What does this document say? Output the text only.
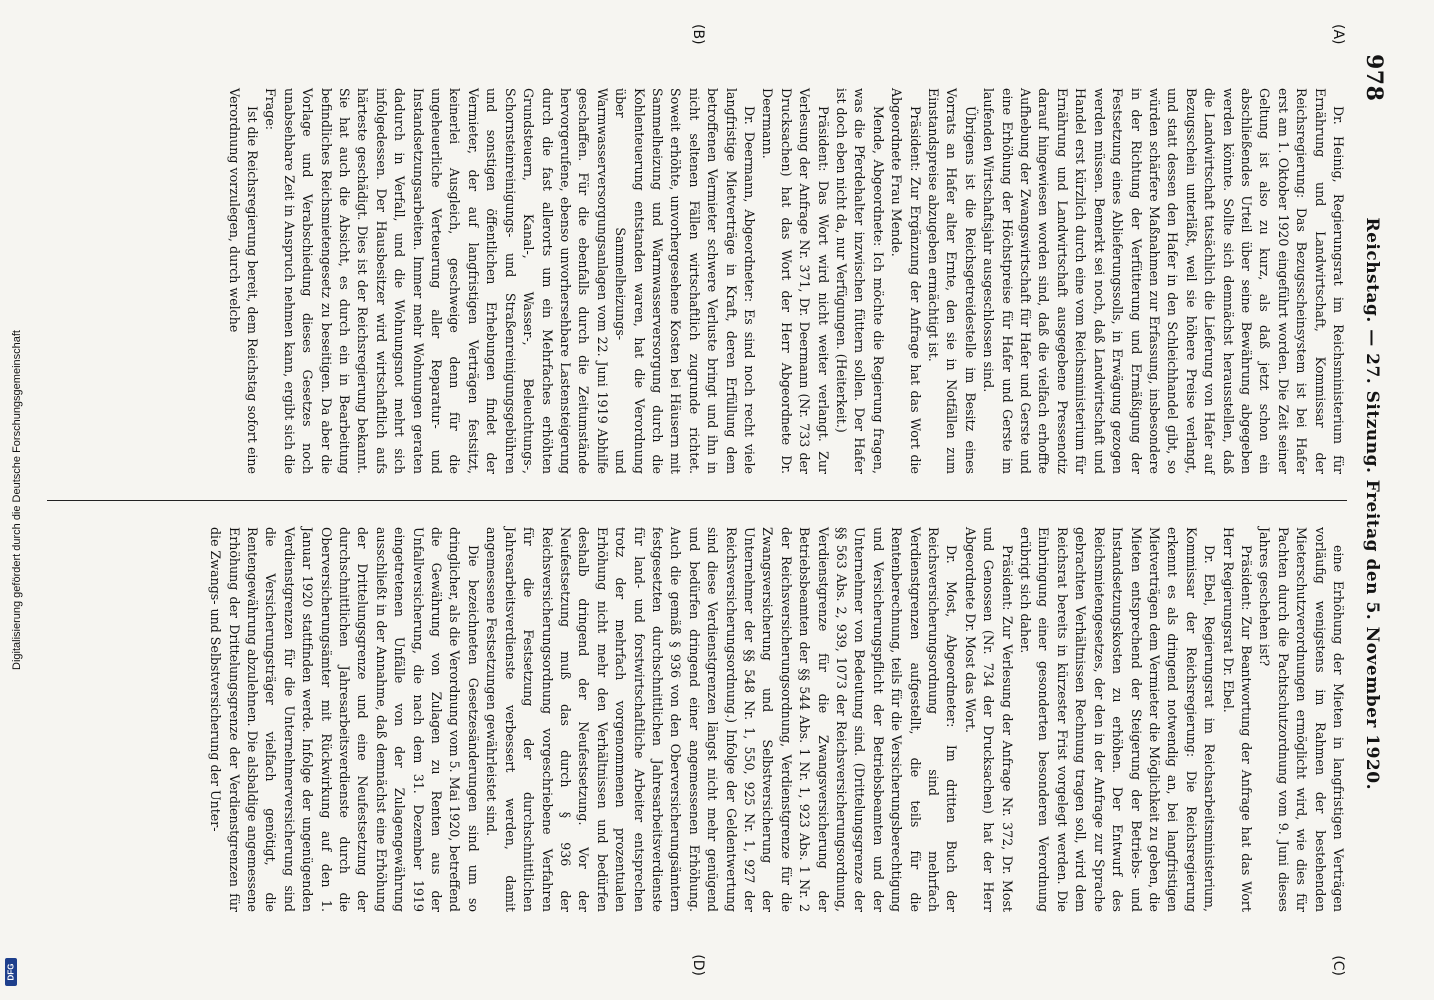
978
Reichstag. — 27. Sitzung. Freitag den 5. November 1920.
(A)
(B)

Dr. Heinig, Regierungsrat im Reichsministerium für Ernährung und Landwirtschaft, Kommissar der Reichsregierung: Das Bezugsscheinsystem ist bei Hafer erst am 1. Oktober 1920 eingeführt worden. Die Zeit seiner Geltung ist also zu kurz, als daß jetzt schon ein abschließendes Urteil über seine Bewährung abgegeben werden könnte. Sollte sich demnächst herausstellen, daß die Landwirtschaft tatsächlich die Lieferung von Hafer auf Bezugsschein unterläßt, weil sie höhere Preise verlangt, und statt dessen den Hafer in den Schleichhandel gibt, so würden schärfere Maßnahmen zur Erfassung, insbesondere in der Richtung der Verfütterung und Ermäßigung der Festsetzung eines Ablieferungssolls, in Erwägung gezogen werden müssen. Bemerkt sei noch, daß Landwirtschaft und Handel erst kürzlich durch eine vom Reichsministerium für Ernährung und Landwirtschaft ausgegebene Pressenotiz darauf hingewiesen worden sind, daß die vielfach erhoffte Aufhebung der Zwangswirtschaft für Hafer und Gerste und eine Erhöhung der Höchstpreise für Hafer und Gerste im laufenden Wirtschaftsjahr ausgeschlossen sind.

Übrigens ist die Reichsgetreidestelle im Besitz eines Vorrats an Hafer alter Ernte, den sie in Notfällen zum Einstandspreise abzugeben ermächtigt ist.

Präsident: Zur Ergänzung der Anfrage hat das Wort die Abgeordnete Frau Mende.

Mende, Abgeordnete: Ich möchte die Regierung fragen, was die Pferdehalter inzwischen füttern sollen. Der Hafer ist doch eben nicht da, nur Verfügungen. (Heiterkeit.)

Präsident: Das Wort wird nicht weiter verlangt. Zur Verlesung der Anfrage Nr. 371, Dr. Deermann (Nr. 733 der Drucksachen) hat das Wort der Herr Abgeordnete Dr. Deermann.

Dr. Deermann, Abgeordneter: Es sind noch recht viele langfristige Mietverträge in Kraft, deren Erfüllung dem betroffenen Vermieter schwere Verluste bringt und ihn in nicht seltenen Fällen wirtschaftlich zugrunde richtet. Soweit erhöhte, unvorhergesehene Kosten bei Häusern mit Sammelheizung und Warmwasserversorgung durch die Kohlenteuerung entstanden waren, hat die Verordnung über Sammelheizungs- und Warmwasserversorgungsanlagen vom 22. Juni 1919 Abhilfe geschaffen. Für die ebenfalls durch die Zeitumstände hervorgerufene, ebenso unvorhersehbare Lastensteigerung durch die fast allerorts um ein Mehrfaches erhöhten Grundsteuern, Kanal-, Wasser-, Beleuchtungs-, Schornsteinreinigungs- und Straßenreinigungsgebühren und sonstigen öffentlichen Erhebungen findet der Vermieter, der auf langfristigen Verträgen festsitzt, keinerlei Ausgleich, geschweige denn für die ungeheuerliche Verteuerung aller Reparatur- und Instandsetzungsarbeiten. Immer mehr Wohnungen geraten dadurch in Verfall, und die Wohnungsnot mehrt sich infolgedessen. Der Hausbesitzer wird wirtschaftlich aufs härteste geschädigt. Dies ist der Reichsregierung bekannt. Sie hat auch die Absicht, es durch ein in Bearbeitung befindliches Reichsmietengesetz zu beseitigen. Da aber die Vorlage und Verabschiedung dieses Gesetzes noch unabsehbare Zeit in Anspruch nehmen kann, ergibt sich die Frage:

Ist die Reichsregierung bereit, dem Reichstag sofort eine Verordnung vorzulegen, durch welche

(C)
(D)

eine Erhöhung der Mieten in langfristigen Verträgen vorläufig wenigstens im Rahmen der bestehenden Mieterschutzverordnungen ermöglicht wird, wie dies für Pachten durch die Pachtschutzordnung vom 9. Juni dieses Jahres geschehen ist?

Präsident: Zur Beantwortung der Anfrage hat das Wort Herr Regierungsrat Dr. Ebel.

Dr. Ebel, Regierungsrat im Reichsarbeitsministerium, Kommissar der Reichsregierung: Die Reichsregierung erkennt es als dringend notwendig an, bei langfristigen Mietverträgen dem Vermieter die Möglichkeit zu geben, die Mieten entsprechend der Steigerung der Betriebs- und Instandsetzungskosten zu erhöhen. Der Entwurf des Reichsmietengesetzes, der den in der Anfrage zur Sprache gebrachten Verhältnissen Rechnung tragen soll, wird dem Reichsrat bereits in kürzester Frist vorgelegt werden. Die Einbringung einer gesonderten besonderen Verordnung erübrigt sich daher.

Präsident: Zur Verlesung der Anfrage Nr. 372, Dr. Most und Genossen (Nr. 734 der Drucksachen) hat der Herr Abgeordnete Dr. Most das Wort.

Dr. Most, Abgeordneter: Im dritten Buch der Reichsversicherungsordnung sind mehrfach Verdienstgrenzen aufgestellt, die teils für die Rentenberechnung, teils für die Versicherungsberechtigung und Versicherungspflicht der Betriebsbeamten und der Unternehmer von Bedeutung sind. (Drittelungsgrenze der §§ 563 Abs. 2, 939, 1073 der Reichsversicherungsordnung, Verdienstgrenze für die Zwangsversicherung der Betriebsbeamten der §§ 544 Abs. 1 Nr. 1, 923 Abs. 1 Nr. 2 der Reichsversicherungsordnung, Verdienstgrenze für die Zwangsversicherung und Selbstversicherung der Unternehmer der §§ 548 Nr. 1, 550, 925 Nr. 1, 927 der Reichsversicherungsordnung.) Infolge der Geldentwertung sind diese Verdienstgrenzen längst nicht mehr genügend und bedürfen dringend einer angemessenen Erhöhung. Auch die gemäß § 936 von den Oberversicherungsämtern festgesetzten durchschnittlichen Jahresarbeitsverdienste für land- und forstwirtschaftliche Arbeiter entsprechen trotz der mehrfach vorgenommenen prozentualen Erhöhung nicht mehr den Verhältnissen und bedürfen deshalb dringend der Neufestsetzung. Vor der Neufestsetzung muß das durch § 936 der Reichsversicherungsordnung vorgeschriebene Verfahren für die Festsetzung der durchschnittlichen Jahresarbeitsverdienste verbessert werden, damit angemessene Festsetzungen gewährleistet sind.

Die bezeichneten Gesetzesänderungen sind um so dringlicher, als die Verordnung vom 5. Mai 1920, betreffend die Gewährung von Zulagen zu Renten aus der Unfallversicherung, die nach dem 31. Dezember 1919 eingetretenen Unfälle von der Zulagengewährung ausschließt in der Annahme, daß demnächst eine Erhöhung der Drittelungsgrenze und eine Neufestsetzung der durchschnittlichen Jahresarbeitsverdienste durch die Oberversicherungsämter mit Rückwirkung auf den 1. Januar 1920 stattfinden werde. Infolge der ungenügenden Verdienstgrenzen für die Unternehmerversicherung sind die Versicherungsträger vielfach genötigt, die Rentengewährung abzulehnen. Die alsbaldige angemessene Erhöhung der Drittelungsgrenze der Verdienstgrenzen für die Zwangs- und Selbstversicherung der Unter-

Digitalisierung gefördert durch die Deutsche Forschungsgemeinschaft
DFG
